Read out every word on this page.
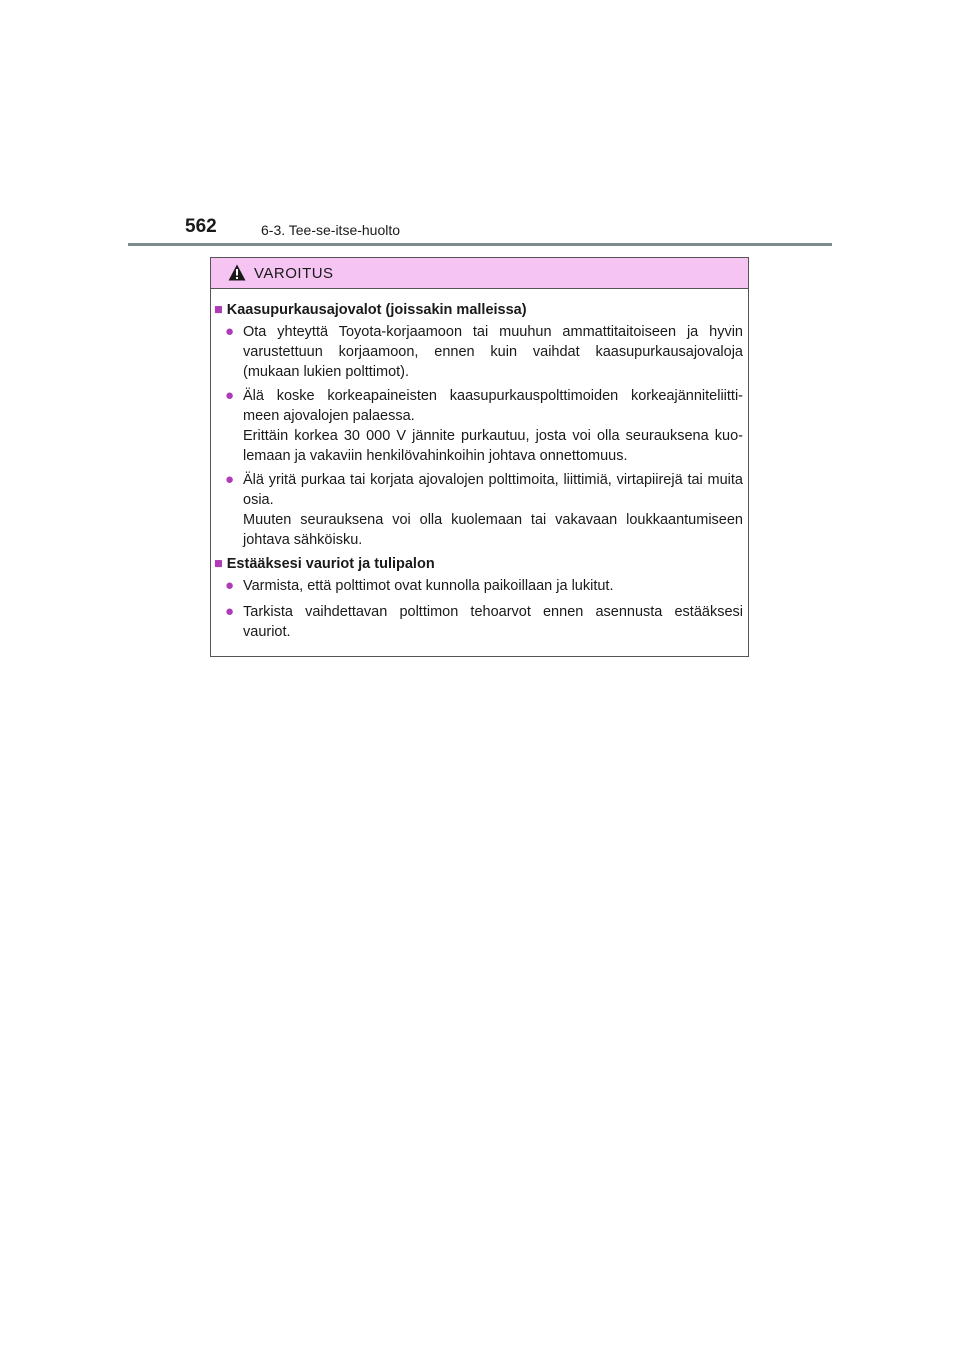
562	6-3. Tee-se-itse-huolto
VAROITUS
■ Kaasupurkausajovalot (joissakin malleissa)
● Ota yhteyttä Toyota-korjaamoon tai muuhun ammattitaitoiseen ja hyvin varustettuun korjaamoon, ennen kuin vaihdat kaasupurkausajovaloja (mukaan lukien polttimot).

● Älä koske korkeapaineisten kaasupurkauspolttimoiden korkeajänniteliitti-meen ajovalojen palaessa.

Erittäin korkea 30 000 V jännite purkautuu, josta voi olla seurauksena kuo-lemaan ja vakaviin henkilövahinkoihin johtava onnettomuus.

● Älä yritä purkaa tai korjata ajovalojen polttimoita, liittimiä, virtapiirejä tai muita osia.

Muuten seurauksena voi olla kuolemaan tai vakavaan loukkaantumiseen johtava sähköisku.

■ Estääksesi vauriot ja tulipalon
● Varmista, että polttimot ovat kunnolla paikoillaan ja lukitut.

● Tarkista vaihdettavan polttimon tehoarvot ennen asennusta estääksesi vauriot.
